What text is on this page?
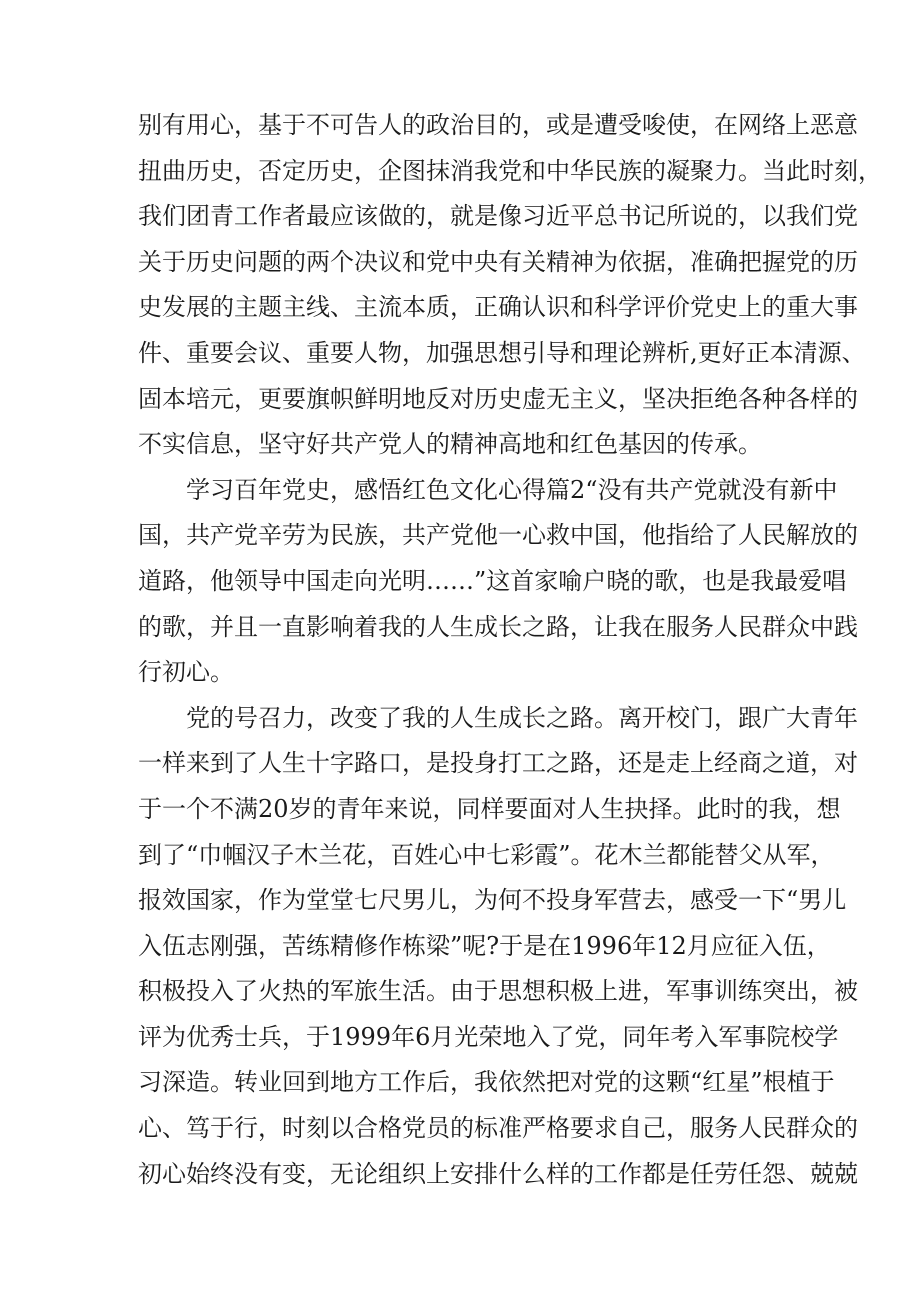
别有用心，基于不可告人的政治目的，或是遭受唆使，在网络上恶意
扭曲历史，否定历史，企图抹消我党和中华民族的凝聚力。当此时刻，
我们团青工作者最应该做的，就是像习近平总书记所说的，以我们党
关于历史问题的两个决议和党中央有关精神为依据，准确把握党的历
史发展的主题主线、主流本质，正确认识和科学评价党史上的重大事
件、重要会议、重要人物，加强思想引导和理论辨析,更好正本清源、
固本培元，更要旗帜鲜明地反对历史虚无主义，坚决拒绝各种各样的
不实信息，坚守好共产党人的精神高地和红色基因的传承。
学习百年党史，感悟红色文化心得篇2“没有共产党就没有新中
国，共产党辛劳为民族，共产党他一心救中国，他指给了人民解放的
道路，他领导中国走向光明……”这首家喻户晓的歌，也是我最爱唱
的歌，并且一直影响着我的人生成长之路，让我在服务人民群众中践
行初心。
党的号召力，改变了我的人生成长之路。离开校门，跟广大青年
一样来到了人生十字路口，是投身打工之路，还是走上经商之道，对
于一个不满20岁的青年来说，同样要面对人生抉择。此时的我，想
到了“巾帼汉子木兰花，百姓心中七彩霞”。花木兰都能替父从军，
报效国家，作为堂堂七尺男儿，为何不投身军营去，感受一下“男儿
入伍志刚强，苦练精修作栋梁”呢?于是在1996年12月应征入伍，
积极投入了火热的军旅生活。由于思想积极上进，军事训练突出，被
评为优秀士兵，于1999年6月光荣地入了党，同年考入军事院校学
习深造。转业回到地方工作后，我依然把对党的这颗“红星”根植于
心、笃于行，时刻以合格党员的标准严格要求自己，服务人民群众的
初心始终没有变，无论组织上安排什么样的工作都是任劳任怨、兢兢
